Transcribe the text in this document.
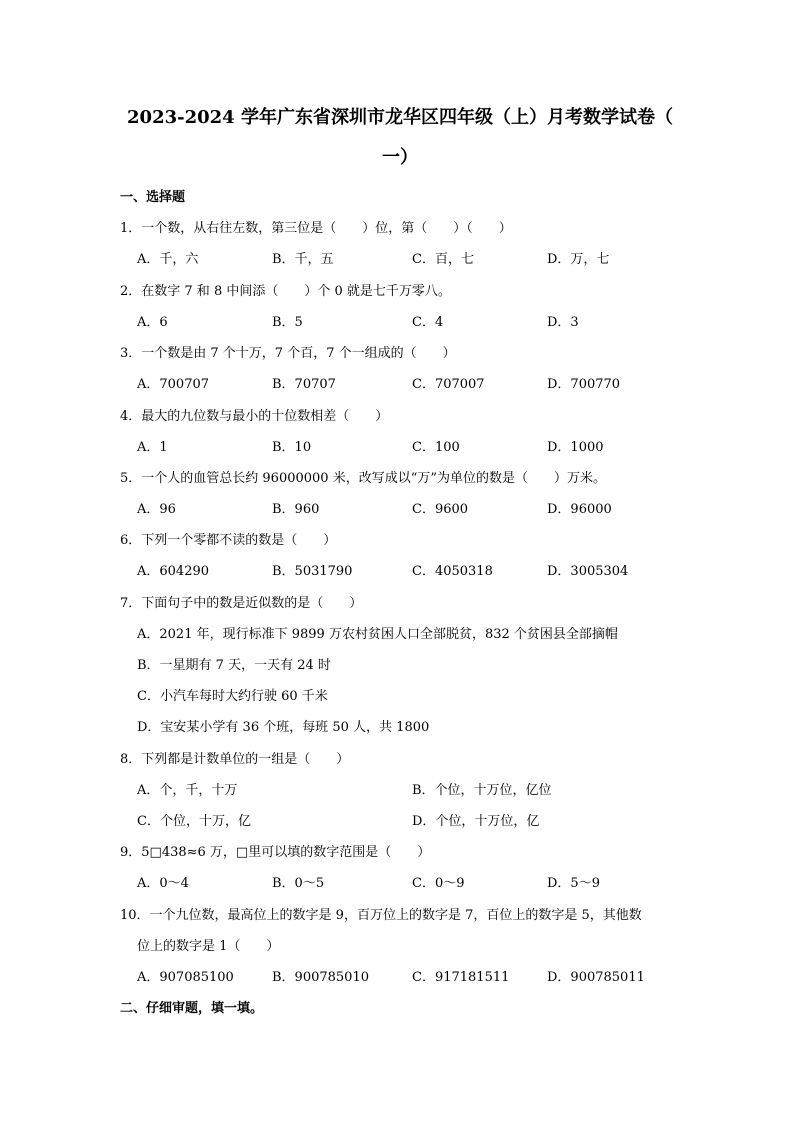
2023-2024 学年广东省深圳市龙华区四年级（上）月考数学试卷（
一）
一、选择题
1．一个数，从右往左数，第三位是（　　）位，第（　　）（　　）
A．千，六	B．千，五	C．百，七	D．万，七
2．在数字 7 和 8 中间添（　　）个 0 就是七千万零八。
A．6	B．5	C．4	D．3
3．一个数是由 7 个十万，7 个百，7 个一组成的（　　）
A．700707	B．70707	C．707007	D．700770
4．最大的九位数与最小的十位数相差（　　）
A．1	B．10	C．100	D．1000
5．一个人的血管总长约 96000000 米，改写成以“万”为单位的数是（　　）万米。
A．96	B．960	C．9600	D．96000
6．下列一个零都不读的数是（　　）
A．604290	B．5031790	C．4050318	D．3005304
7．下面句子中的数是近似数的是（　　）
A．2021 年，现行标准下 9899 万农村贫困人口全部脱贫，832 个贫困县全部摘帽
B．一星期有 7 天，一天有 24 时
C．小汽车每时大约行驶 60 千米
D．宝安某小学有 36 个班，每班 50 人，共 1800
8．下列都是计数单位的一组是（　　）
A．个，千，十万	B．个位，十万位，亿位
C．个位，十万，亿	D．个位，十万位，亿
9．5□438≈6 万，□里可以填的数字范围是（　　）
A．0～4	B．0～5	C．0～9	D．5～9
10．一个九位数，最高位上的数字是 9，百万位上的数字是 7，百位上的数字是 5，其他数
位上的数字是 1（　　）
A．907085100	B．900785010	C．917181511	D．900785011
二、仔细审题，填一填。
